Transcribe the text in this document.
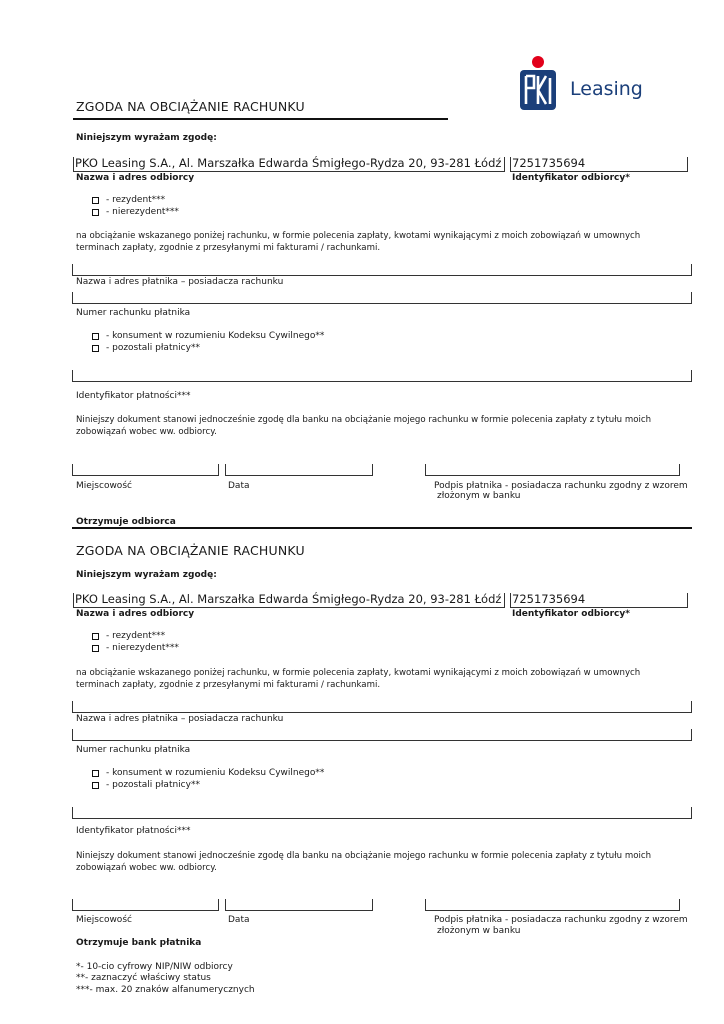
Leasing
ZGODA NA OBCIĄŻANIE RACHUNKU
Niniejszym wyrażam zgodę:
PKO Leasing S.A., Al. Marszałka Edwarda Śmigłego-Rydza 20, 93-281 Łódź 7251735694
Nazwa i adres odbiorcy	Identyfikator odbiorcy*
- rezydent***
- nierezydent***
na obciążanie wskazanego poniżej rachunku, w formie polecenia zapłaty, kwotami wynikającymi z moich zobowiązań w umownych terminach zapłaty, zgodnie z przesyłanymi mi fakturami / rachunkami.
Nazwa i adres płatnika – posiadacza rachunku
Numer rachunku płatnika
- konsument w rozumieniu Kodeksu Cywilnego**
- pozostali płatnicy**
Identyfikator płatności***
Niniejszy dokument stanowi jednocześnie zgodę dla banku na obciążanie mojego rachunku w formie polecenia zapłaty z tytułu moich zobowiązań wobec ww. odbiorcy.
Miejscowość	Data	Podpis płatnika - posiadacza rachunku zgodny z wzorem
złożonym w banku
Otrzymuje odbiorca
ZGODA NA OBCIĄŻANIE RACHUNKU
Niniejszym wyrażam zgodę:
PKO Leasing S.A., Al. Marszałka Edwarda Śmigłego-Rydza 20, 93-281 Łódź 7251735694
Nazwa i adres odbiorcy	Identyfikator odbiorcy*
- rezydent***
- nierezydent***
na obciążanie wskazanego poniżej rachunku, w formie polecenia zapłaty, kwotami wynikającymi z moich zobowiązań w umownych terminach zapłaty, zgodnie z przesyłanymi mi fakturami / rachunkami.
Nazwa i adres płatnika – posiadacza rachunku
Numer rachunku płatnika
- konsument w rozumieniu Kodeksu Cywilnego**
- pozostali płatnicy**
Identyfikator płatności***
Niniejszy dokument stanowi jednocześnie zgodę dla banku na obciążanie mojego rachunku w formie polecenia zapłaty z tytułu moich zobowiązań wobec ww. odbiorcy.
Miejscowość	Data	Podpis płatnika - posiadacza rachunku zgodny z wzorem
złożonym w banku
Otrzymuje bank płatnika
*- 10-cio cyfrowy NIP/NIW odbiorcy
**- zaznaczyć właściwy status
***- max. 20 znaków alfanumerycznych
